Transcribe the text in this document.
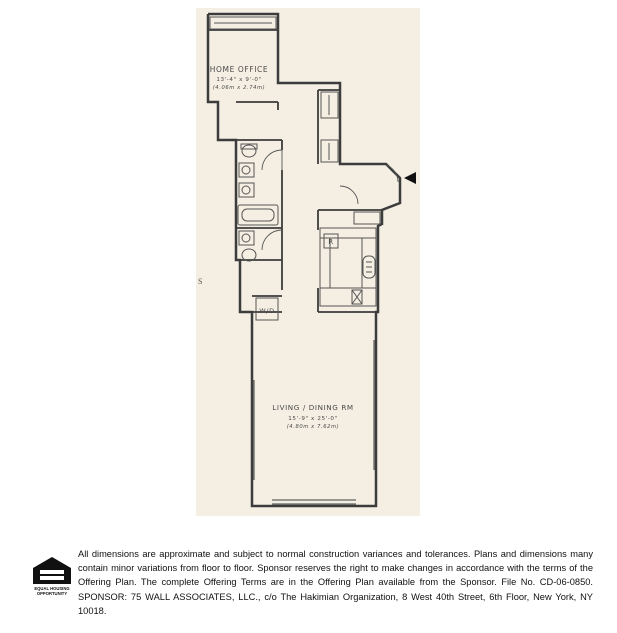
HOME OFFICE
13'-4" x 9'-0"
(4.06m x 2.74m)
LIVING / DINING RM
15'-9" x 25'-0"
(4.80m x 7.62m)
R
W/D
S
EQUAL HOUSING
OPPORTUNITY
All dimensions are approximate and subject to normal construction variances and tolerances. Plans and dimensions many contain minor variations from floor to floor. Sponsor reserves the right to make changes in accordance with the terms of the Offering Plan. The complete Offering Terms are in the Offering Plan available from the Sponsor. File No. CD-06-0850. SPONSOR: 75 WALL ASSOCIATES, LLC., c/o The Hakimian Organization, 8 West 40th Street, 6th Floor, New York, NY 10018.
